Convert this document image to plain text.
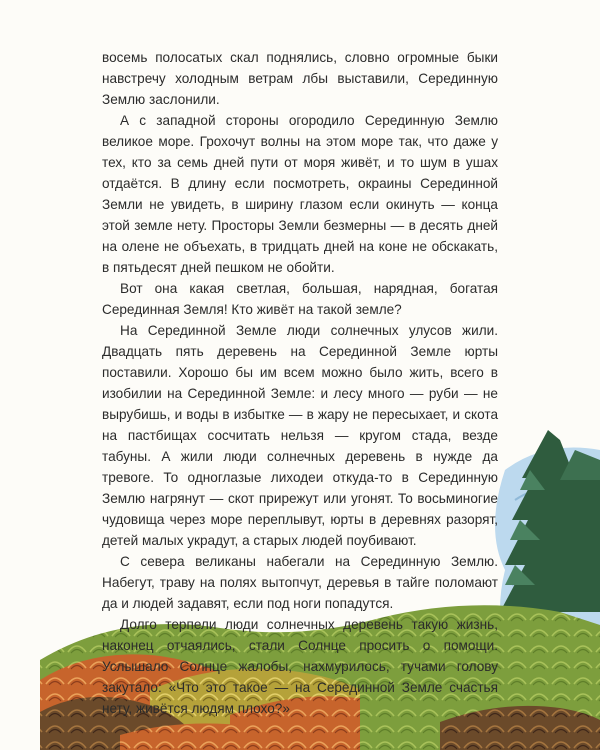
восемь полосатых скал поднялись, словно огромные быки навстречу холодным ветрам лбы выставили, Серединную Землю заслонили.

А с западной стороны огородило Серединную Землю великое море. Грохочут волны на этом море так, что даже у тех, кто за семь дней пути от моря живёт, и то шум в ушах отдаётся. В длину если посмотреть, окраины Серединной Земли не увидеть, в ширину глазом если окинуть — конца этой земле нету. Просторы Земли безмерны — в десять дней на олене не объехать, в тридцать дней на коне не обскакать, в пятьдесят дней пешком не обойти.

Вот она какая светлая, большая, нарядная, богатая Серединная Земля! Кто живёт на такой земле?

На Серединной Земле люди солнечных улусов жили. Двадцать пять деревень на Серединной Земле юрты поставили. Хорошо бы им всем можно было жить, всего в изобилии на Серединной Земле: и лесу много — руби — не вырубишь, и воды в избытке — в жару не пересыхает, и скота на пастбищах сосчитать нельзя — кругом стада, везде табуны. А жили люди солнечных деревень в нужде да тревоге. То одноглазые лиходеи откуда-то в Серединную Землю нагрянут — скот прирежут или угонят. То восьминогие чудовища через море переплывут, юрты в деревнях разорят, детей малых украдут, а старых людей поубивают.

С севера великаны набегали на Серединную Землю. Набегут, траву на полях вытопчут, деревья в тайге поломают да и людей задавят, если под ноги попадутся.

Долго терпели люди солнечных деревень такую жизнь, наконец отчаялись, стали Солнце просить о помощи. Услышало Солнце жалобы, нахмурилось, тучами голову закутало: «Что это такое — на Серединной Земле счастья нету, живётся людям плохо?»
